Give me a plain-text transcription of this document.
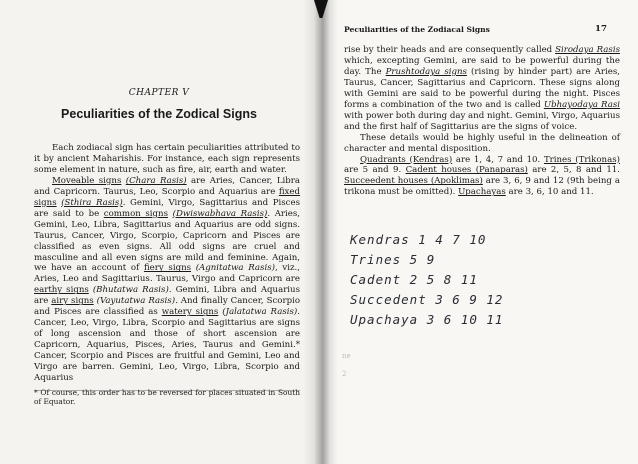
CHAPTER V
Peculiarities of the Zodical Signs

Each zodiacal sign has certain peculiarities attributed to it by ancient Maharishis. For instance, each sign represents some element in nature, such as fire, air, earth and water.

Moveable signs (Chara Rasis) are Aries, Cancer, Libra and Capricorn. Taurus, Leo, Scorpio and Aquarius are fixed signs (Sthira Rasis). Gemini, Virgo, Sagittarius and Pisces are said to be common signs (Dwiswabhava Rasis). Aries, Gemini, Leo, Libra, Sagittarius and Aquarius are odd signs. Taurus, Cancer, Virgo, Scorpio, Capricorn and Pisces are classified as even signs. All odd signs are cruel and masculine and all even signs are mild and feminine. Again, we have an account of fiery signs (Agnitatwa Rasis), viz., Aries, Leo and Sagittarius. Taurus, Virgo and Capricorn are earthy signs (Bhutatwa Rasis). Gemini, Libra and Aquarius are airy signs (Vayutatwa Rasis). And finally Cancer, Scorpio and Pisces are classified as watery signs (Jalatatwa Rasis). Cancer, Leo, Virgo, Libra, Scorpio and Sagittarius are signs of long ascension and those of short ascension are Capricorn, Aquarius, Pisces, Aries, Taurus and Gemini.* Cancer, Scorpio and Pisces are fruitful and Gemini, Leo and Virgo are barren. Gemini, Leo, Virgo, Libra, Scorpio and Aquarius

* Of course, this order has to be reversed for places situated in South of Equator.
Peculiarities of the Zodiacal Signs	17

rise by their heads and are consequently called Sirodaya Rasis which, excepting Gemini, are said to be powerful during the day. The Prushtodaya signs (rising by hinder part) are Aries, Taurus, Cancer, Sagittarius and Capricorn. These signs along with Gemini are said to be powerful during the night. Pisces forms a combination of the two and is called Ubhayodaya Rasi with power both during day and night. Gemini, Virgo, Aquarius and the first half of Sagittarius are the signs of voice.

These details would be highly useful in the delineation of character and mental disposition.

Quadrants (Kendras) are 1, 4, 7 and 10. Trines (Trikonas) are 5 and 9. Cadent houses (Panaparas) are 2, 5, 8 and 11. Succeedent houses (Apoklimas) are 3, 6, 9 and 12 (9th being a trikona must be omitted). Upachayas are 3, 6, 10 and 11.

Kendras 1 4 7 10
Trines 5 9
Cadent 2 5 8 11
Succedent 3 6 9 12
Upachaya 3 6 10 11
ne
2
